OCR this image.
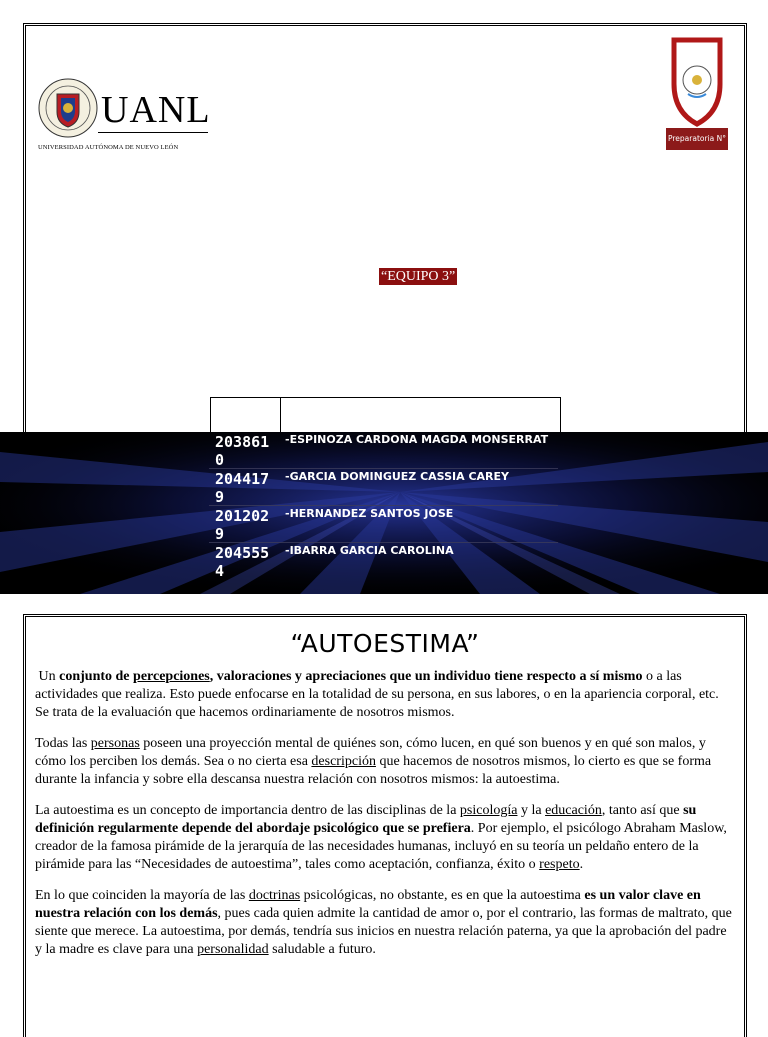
UANL
UNIVERSIDAD AUTÓNOMA DE NUEVO LEÓN
Preparatoria N° 1
“EQUIPO 3”
2038610
-ESPINOZA CARDONA MAGDA MONSERRAT
2044179
-GARCIA DOMINGUEZ CASSIA CAREY
2012029
-HERNANDEZ SANTOS JOSE
2045554
-IBARRA GARCIA CAROLINA
“AUTOESTIMA”

Un conjunto de percepciones, valoraciones y apreciaciones que un individuo tiene respecto a sí mismo o a las actividades que realiza. Esto puede enfocarse en la totalidad de su persona, en sus labores, o en la apariencia corporal, etc. Se trata de la evaluación que hacemos ordinariamente de nosotros mismos.

Todas las personas poseen una proyección mental de quiénes son, cómo lucen, en qué son buenos y en qué son malos, y cómo los perciben los demás. Sea o no cierta esa descripción que hacemos de nosotros mismos, lo cierto es que se forma durante la infancia y sobre ella descansa nuestra relación con nosotros mismos: la autoestima.

La autoestima es un concepto de importancia dentro de las disciplinas de la psicología y la educación, tanto así que su definición regularmente depende del abordaje psicológico que se prefiera. Por ejemplo, el psicólogo Abraham Maslow, creador de la famosa pirámide de la jerarquía de las necesidades humanas, incluyó en su teoría un peldaño entero de la pirámide para las “Necesidades de autoestima”, tales como aceptación, confianza, éxito o respeto.

En lo que coinciden la mayoría de las doctrinas psicológicas, no obstante, es en que la autoestima es un valor clave en nuestra relación con los demás, pues cada quien admite la cantidad de amor o, por el contrario, las formas de maltrato, que siente que merece. La autoestima, por demás, tendría sus inicios en nuestra relación paterna, ya que la aprobación del padre y la madre es clave para una personalidad saludable a futuro.
